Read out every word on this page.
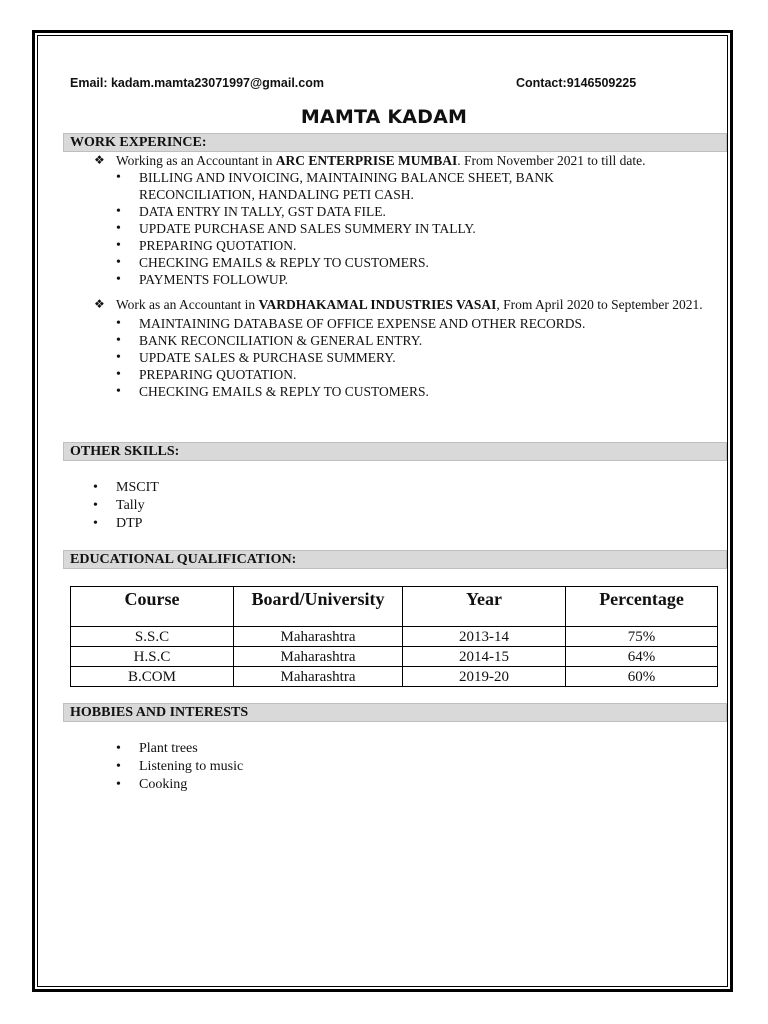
Email: kadam.mamta23071997@gmail.com	Contact:9146509225
MAMTA KADAM
WORK EXPERINCE:
❖ Working as an Accountant in ARC ENTERPRISE MUMBAI. From November 2021 to till date.
• BILLING AND INVOICING, MAINTAINING BALANCE SHEET, BANK RECONCILIATION, HANDALING PETI CASH.
• DATA ENTRY IN TALLY, GST DATA FILE.
• UPDATE PURCHASE AND SALES SUMMERY IN TALLY.
• PREPARING QUOTATION.
• CHECKING EMAILS & REPLY TO CUSTOMERS.
• PAYMENTS FOLLOWUP.
❖ Work as an Accountant in VARDHAKAMAL INDUSTRIES VASAI, From April 2020 to September 2021.
• MAINTAINING DATABASE OF OFFICE EXPENSE AND OTHER RECORDS.
• BANK RECONCILIATION & GENERAL ENTRY.
• UPDATE SALES & PURCHASE SUMMERY.
• PREPARING QUOTATION.
• CHECKING EMAILS & REPLY TO CUSTOMERS.
OTHER SKILLS:
• MSCIT
• Tally
• DTP
EDUCATIONAL QUALIFICATION:
Course	Board/University	Year	Percentage
S.S.C	Maharashtra	2013-14	75%
H.S.C	Maharashtra	2014-15	64%
B.COM	Maharashtra	2019-20	60%
HOBBIES AND INTERESTS
• Plant trees
• Listening to music
• Cooking
